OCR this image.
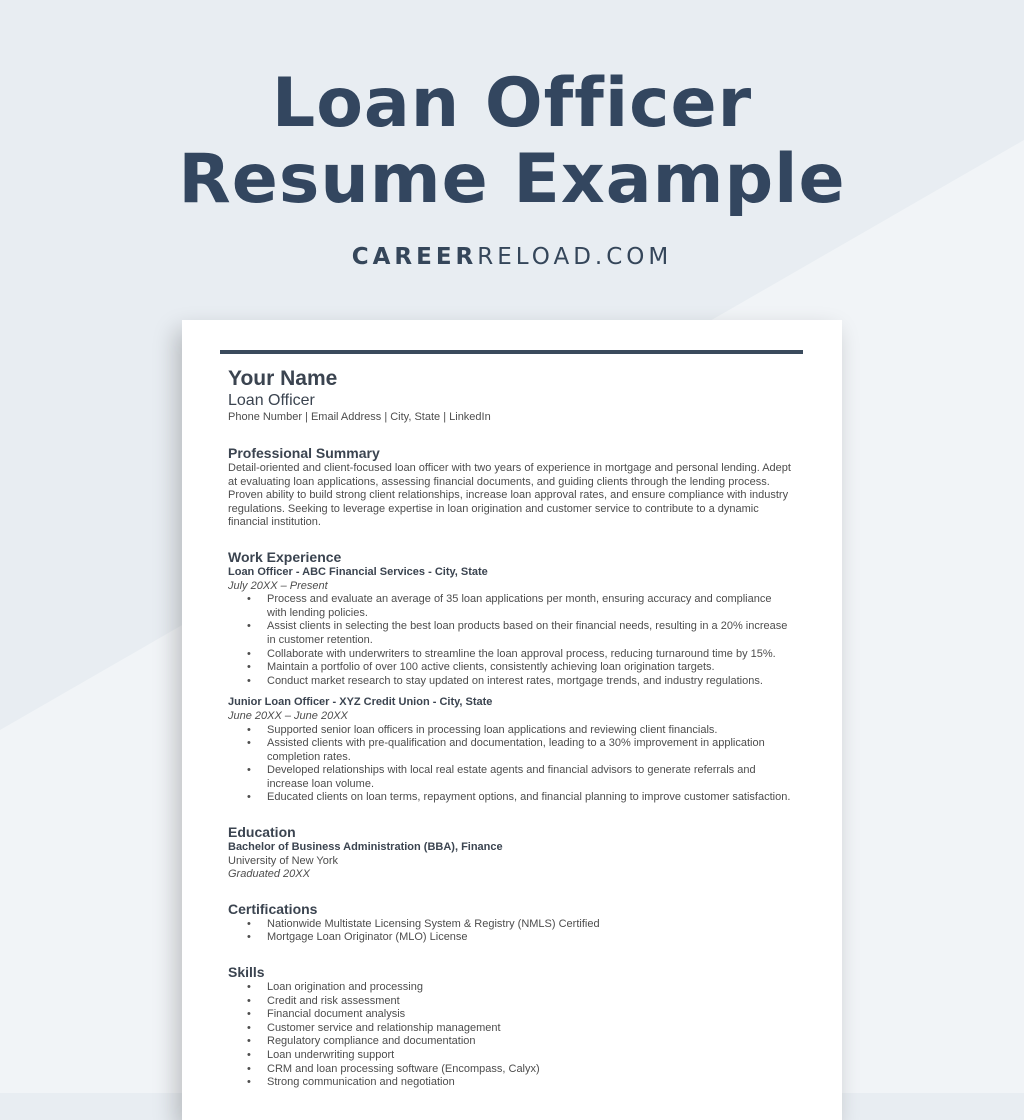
Loan Officer
Resume Example
CAREERRELOAD.COM
Your Name
Loan Officer
Phone Number | Email Address | City, State | LinkedIn
Professional Summary

Detail-oriented and client-focused loan officer with two years of experience in mortgage and personal lending. Adept at evaluating loan applications, assessing financial documents, and guiding clients through the lending process. Proven ability to build strong client relationships, increase loan approval rates, and ensure compliance with industry regulations. Seeking to leverage expertise in loan origination and customer service to contribute to a dynamic financial institution.

Work Experience

Loan Officer - ABC Financial Services - City, State

July 20XX – Present

• Process and evaluate an average of 35 loan applications per month, ensuring accuracy and compliance with lending policies.
• Assist clients in selecting the best loan products based on their financial needs, resulting in a 20% increase in customer retention.
• Collaborate with underwriters to streamline the loan approval process, reducing turnaround time by 15%.
• Maintain a portfolio of over 100 active clients, consistently achieving loan origination targets.
• Conduct market research to stay updated on interest rates, mortgage trends, and industry regulations.

Junior Loan Officer - XYZ Credit Union - City, State

June 20XX – June 20XX

• Supported senior loan officers in processing loan applications and reviewing client financials.
• Assisted clients with pre-qualification and documentation, leading to a 30% improvement in application completion rates.
• Developed relationships with local real estate agents and financial advisors to generate referrals and increase loan volume.
• Educated clients on loan terms, repayment options, and financial planning to improve customer satisfaction.
Education
Bachelor of Business Administration (BBA), Finance
University of New York
Graduated 20XX
Certifications
• Nationwide Multistate Licensing System & Registry (NMLS) Certified
• Mortgage Loan Originator (MLO) License
Skills
• Loan origination and processing
• Credit and risk assessment
• Financial document analysis
• Customer service and relationship management
• Regulatory compliance and documentation
• Loan underwriting support
• CRM and loan processing software (Encompass, Calyx)
• Strong communication and negotiation
